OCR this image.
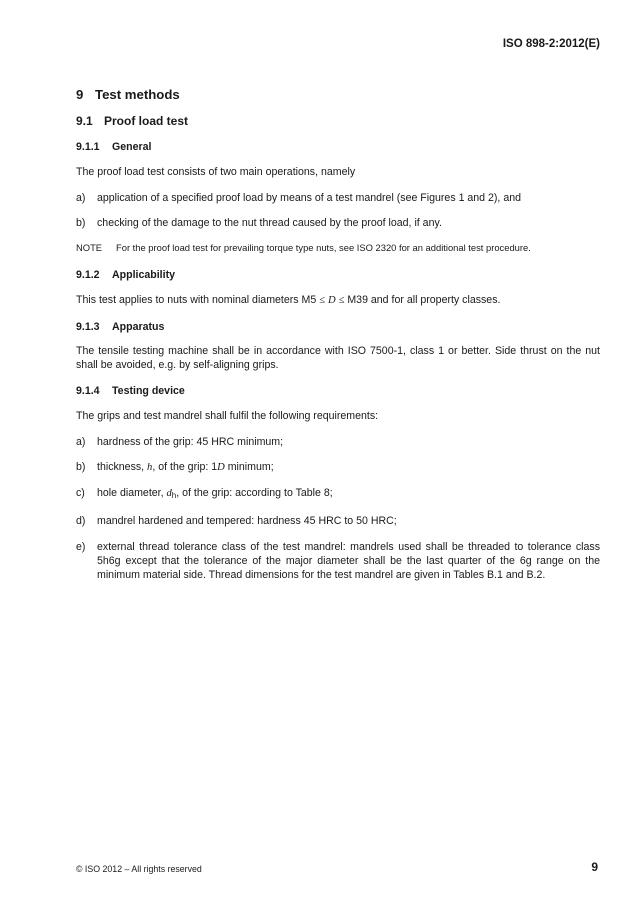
ISO 898-2:2012(E)
9 Test methods
9.1 Proof load test
9.1.1 General

The proof load test consists of two main operations, namely

a)	application of a specified proof load by means of a test mandrel (see Figures 1 and 2), and
b)	checking of the damage to the nut thread caused by the proof load, if any.
NOTE	For the proof load test for prevailing torque type nuts, see ISO 2320 for an additional test procedure.
9.1.2 Applicability

This test applies to nuts with nominal diameters M5 ≤ D ≤ M39 and for all property classes.

9.1.3 Apparatus

The tensile testing machine shall be in accordance with ISO 7500-1, class 1 or better. Side thrust on the nut shall be avoided, e.g. by self-aligning grips.

9.1.4 Testing device

The grips and test mandrel shall fulfil the following requirements:

a)	hardness of the grip: 45 HRC minimum;
b)	thickness, h, of the grip: 1D minimum;
c)	hole diameter, $d_h$, of the grip: according to Table 8;
d)	mandrel hardened and tempered: hardness 45 HRC to 50 HRC;
e)	external thread tolerance class of the test mandrel: mandrels used shall be threaded to tolerance class 5h6g except that the tolerance of the major diameter shall be the last quarter of the 6g range on the minimum material side. Thread dimensions for the test mandrel are given in Tables B.1 and B.2.
© ISO 2012 – All rights reserved	9
